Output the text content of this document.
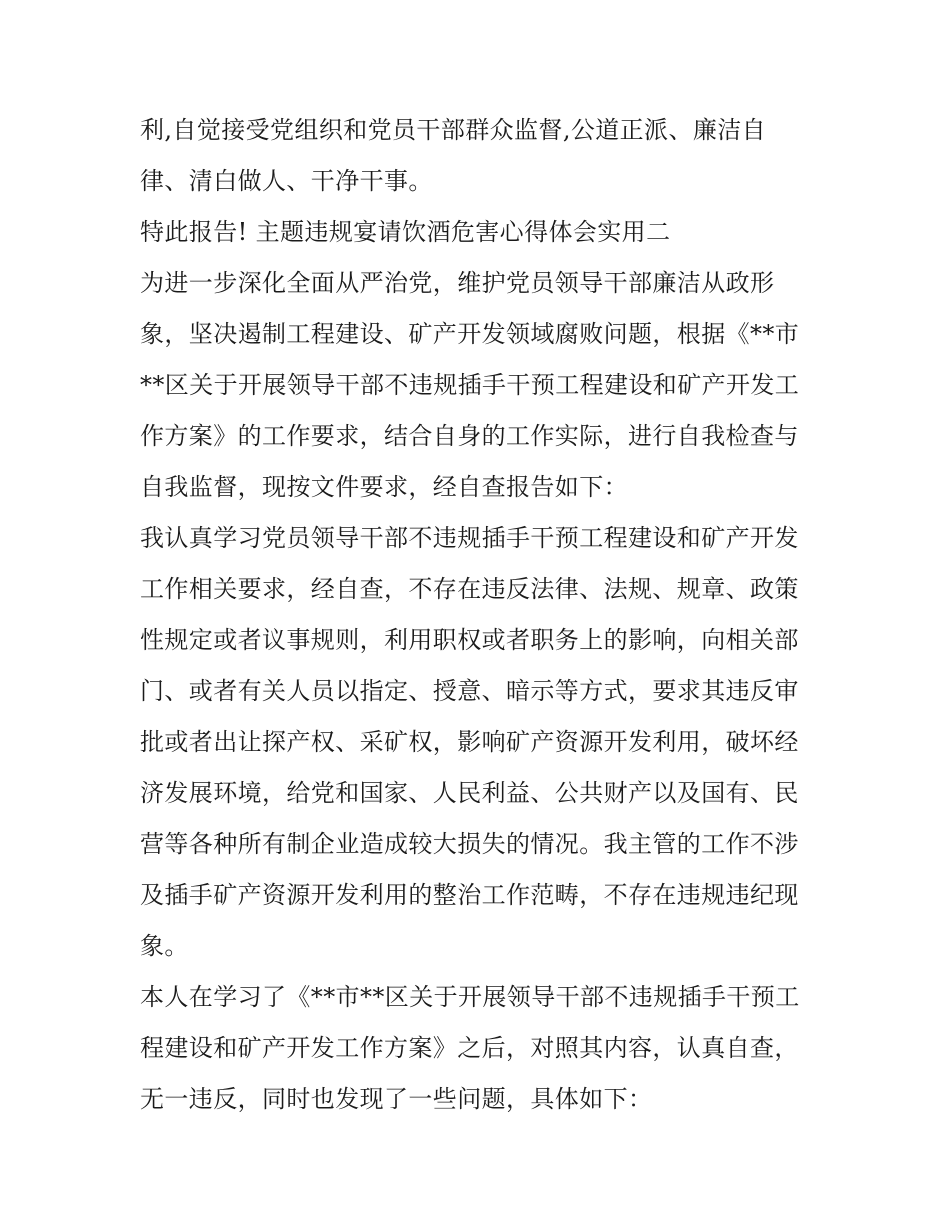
利,自觉接受党组织和党员干部群众监督,公道正派、廉洁自
律、清白做人、干净干事。
特此报告! 主题违规宴请饮酒危害心得体会实用二
为进一步深化全面从严治党，维护党员领导干部廉洁从政形
象，坚决遏制工程建设、矿产开发领域腐败问题，根据《**市
**区关于开展领导干部不违规插手干预工程建设和矿产开发工
作方案》的工作要求，结合自身的工作实际，进行自我检查与
自我监督，现按文件要求，经自查报告如下：
我认真学习党员领导干部不违规插手干预工程建设和矿产开发
工作相关要求，经自查，不存在违反法律、法规、规章、政策
性规定或者议事规则，利用职权或者职务上的影响，向相关部
门、或者有关人员以指定、授意、暗示等方式，要求其违反审
批或者出让探产权、采矿权，影响矿产资源开发利用，破坏经
济发展环境，给党和国家、人民利益、公共财产以及国有、民
营等各种所有制企业造成较大损失的情况。我主管的工作不涉
及插手矿产资源开发利用的整治工作范畴，不存在违规违纪现
象。
本人在学习了《**市**区关于开展领导干部不违规插手干预工
程建设和矿产开发工作方案》之后，对照其内容，认真自查，
无一违反，同时也发现了一些问题，具体如下：
